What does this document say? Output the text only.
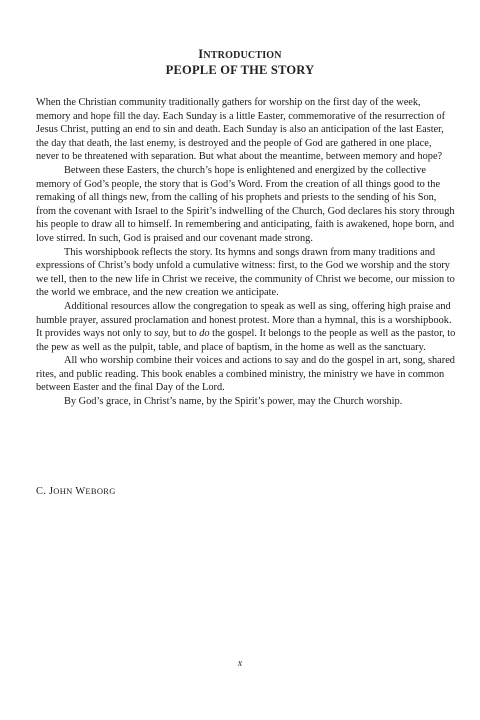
INTRODUCTION
PEOPLE OF THE STORY

When the Christian community traditionally gathers for worship on the first day of the week, memory and hope fill the day. Each Sunday is a little Easter, commemorative of the resurrection of Jesus Christ, putting an end to sin and death. Each Sunday is also an anticipation of the last Easter, the day that death, the last enemy, is destroyed and the people of God are gathered in one place, never to be threatened with separation. But what about the meantime, between memory and hope?

Between these Easters, the church’s hope is enlightened and energized by the collective memory of God’s people, the story that is God’s Word. From the creation of all things good to the remaking of all things new, from the calling of his prophets and priests to the sending of his Son, from the covenant with Israel to the Spirit’s indwelling of the Church, God declares his story through his people to draw all to himself. In remembering and anticipating, faith is awakened, hope born, and love stirred. In such, God is praised and our covenant made strong.

This worshipbook reflects the story. Its hymns and songs drawn from many traditions and expressions of Christ’s body unfold a cumulative witness: first, to the God we worship and the story we tell, then to the new life in Christ we receive, the community of Christ we become, our mission to the world we embrace, and the new creation we anticipate.

Additional resources allow the congregation to speak as well as sing, offering high praise and humble prayer, assured proclamation and honest protest. More than a hymnal, this is a worshipbook. It provides ways not only to say, but to do the gospel. It belongs to the people as well as the pastor, to the pew as well as the pulpit, table, and place of baptism, in the home as well as the sanctuary.

All who worship combine their voices and actions to say and do the gospel in art, song, shared rites, and public reading. This book enables a combined ministry, the ministry we have in common between Easter and the final Day of the Lord.

By God’s grace, in Christ’s name, by the Spirit’s power, may the Church worship.

C. JOHN WEBORG
x
